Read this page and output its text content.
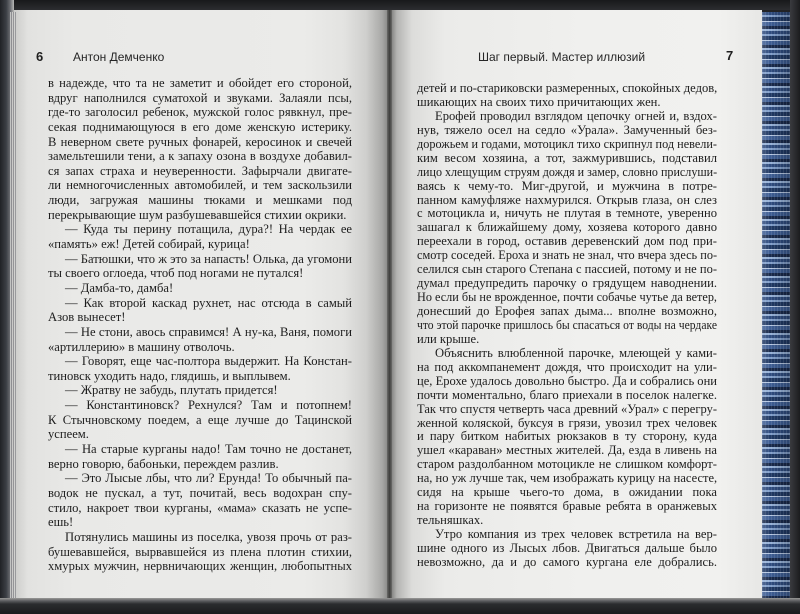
6 Антон Демченко	Шаг первый. Мастер иллюзий	7
в надежде, что та не заметит и обойдет его стороной,
вдруг наполнился суматохой и звуками. Залаяли псы,
где-то заголосил ребенок, мужской голос рявкнул, пре-
секая поднимающуюся в его доме женскую истерику.
В неверном свете ручных фонарей, керосинок и свечей
замельтешили тени, а к запаху озона в воздухе добавил-
ся запах страха и неуверенности. Зафырчали двигате-
ли немногочисленных автомобилей, и тем заскользили
люди, загружая машины тюками и мешками под
перекрывающие шум разбушевавшейся стихии окрики.
— Куда ты перину потащила, дура?! На чердак ее
«память» еж! Детей собирай, курица!
— Батюшки, что ж это за напасть! Олька, да угомони
ты своего оглоеда, чтоб под ногами не путался!
— Дамба-то, дамба!
— Как второй каскад рухнет, нас отсюда в самый
Азов вынесет!
— Не стони, авось справимся! А ну-ка, Ваня, помоги
«артиллерию» в машину отволочь.
— Говорят, еще час-полтора выдержит. На Констан-
тиновск уходить надо, глядишь, и выплывем.
— Жратву не забудь, плутать придется!
— Константиновск? Рехнулся? Там и потопнем!
К Стычновскому поедем, а еще лучше до Тацинской
успеем.
— На старые курганы надо! Там точно не достанет,
верно говорю, бабоньки, переждем разлив.
— Это Лысые лбы, что ли? Ерунда! То обычный па-
водок не пускал, а тут, почитай, весь водохран спу-
стило, накроет твои курганы, «мама» сказать не успе-
ешь!
Потянулись машины из поселка, увозя прочь от раз-
бушевавшейся, вырвавшейся из плена плотин стихии,
хмурых мужчин, нервничающих женщин, любопытных
детей и по-стариковски размеренных, спокойных дедов,
шикающих на своих тихо причитающих жен.
Ерофей проводил взглядом цепочку огней и, вздох-
нув, тяжело осел на седло «Урала». Замученный без-
дорожьем и годами, мотоцикл тихо скрипнул под невели-
ким весом хозяина, а тот, зажмурившись, подставил
лицо хлещущим струям дождя и замер, словно прислуши-
ваясь к чему-то. Миг-другой, и мужчина в потре-
панном камуфляже нахмурился. Открыв глаза, он слез
с мотоцикла и, ничуть не плутая в темноте, уверенно
зашагал к ближайшему дому, хозяева которого давно
переехали в город, оставив деревенский дом под при-
смотр соседей. Ероха и знать не знал, что вчера здесь по-
селился сын старого Степана с пассией, потому и не по-
думал предупредить парочку о грядущем наводнении.
Но если бы не врожденное, почти собачье чутье да ветер,
донесший до Ерофея запах дыма... вполне возможно,
что этой парочке пришлось бы спасаться от воды на чердаке
или крыше.
Объяснить влюбленной парочке, млеющей у ками-
на под аккомпанемент дождя, что происходит на ули-
це, Ерохе удалось довольно быстро. Да и собрались они
почти моментально, благо приехали в поселок налегке.
Так что спустя четверть часа древний «Урал» с перегру-
женной коляской, буксуя в грязи, увозил трех человек
и пару битком набитых рюкзаков в ту сторону, куда
ушел «караван» местных жителей. Да, езда в ливень на
старом раздолбанном мотоцикле не слишком комфорт-
на, но уж лучше так, чем изображать курицу на насесте,
сидя на крыше чьего-то дома, в ожидании пока
на горизонте не появятся бравые ребята в оранжевых
тельняшках.
Утро компания из трех человек встретила на вер-
шине одного из Лысых лбов. Двигаться дальше было
невозможно, да и до самого кургана еле добрались.
